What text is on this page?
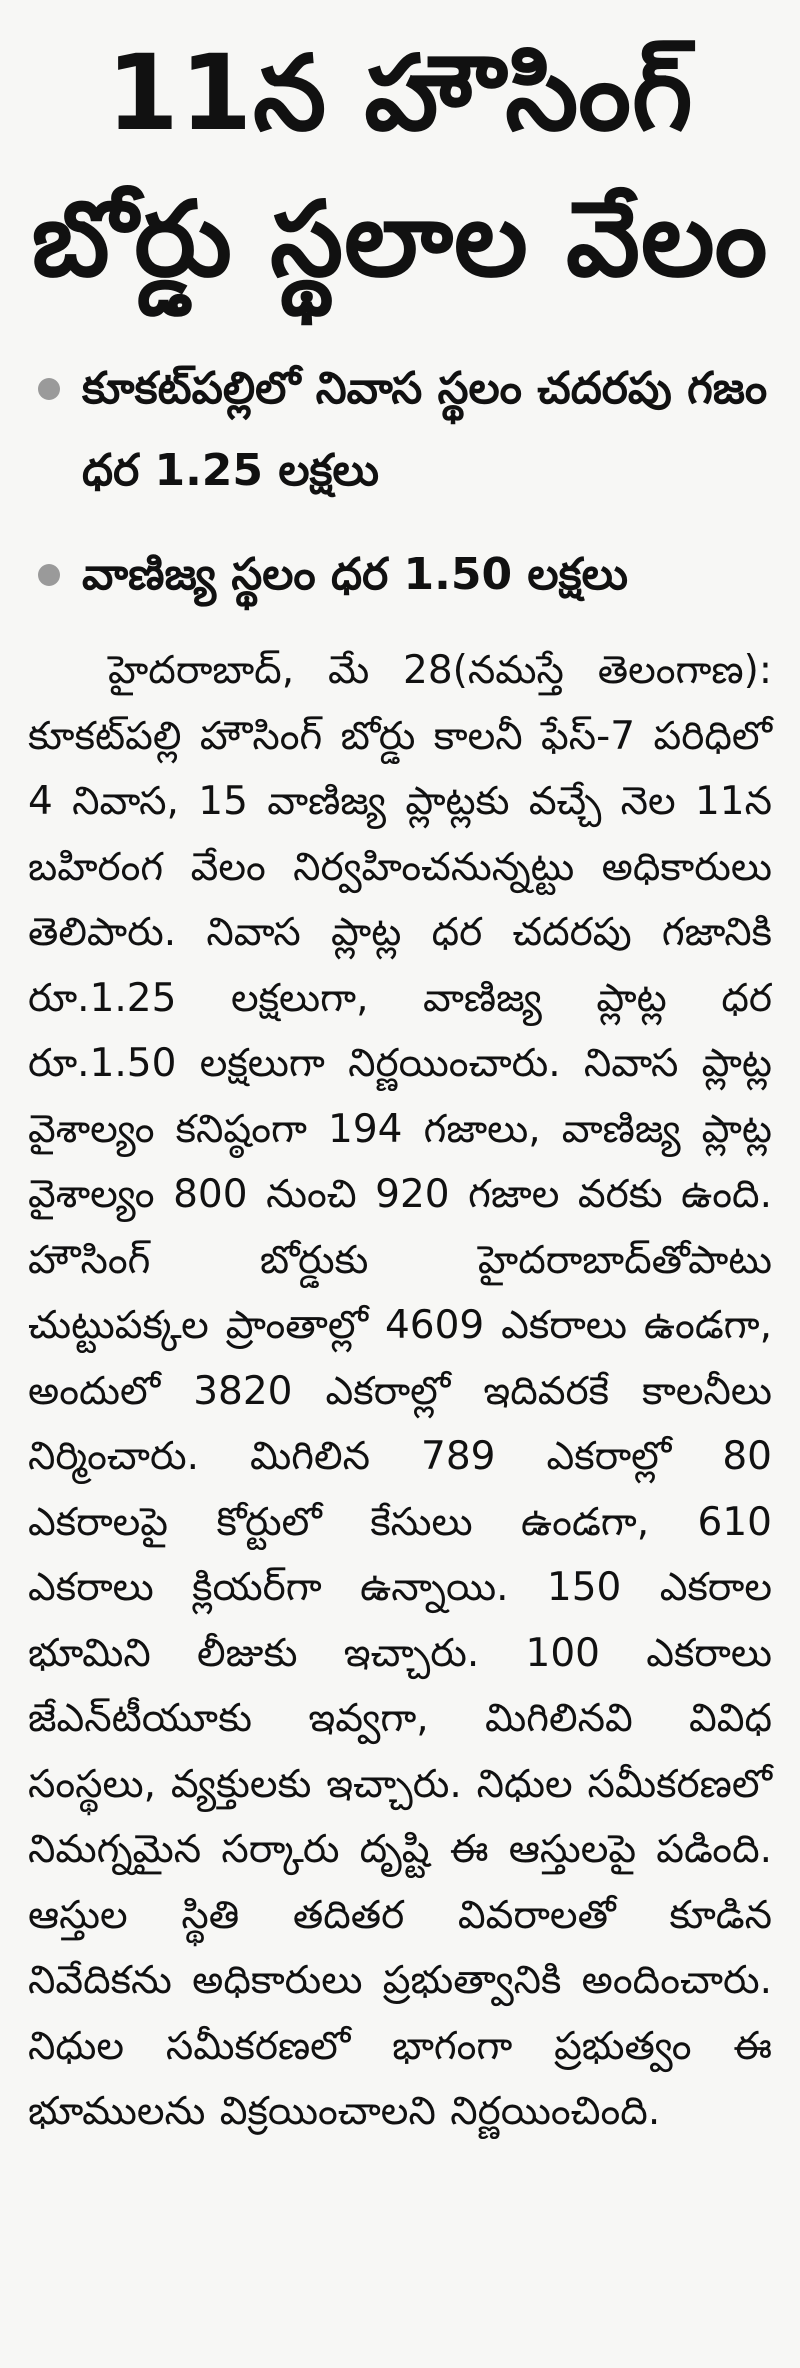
11న హౌసింగ్
బోర్డు స్థలాల వేలం
కూకట్‌పల్లిలో నివాస స్థలం చదరపు గజం ధర 1.25 లక్షలు
వాణిజ్య స్థలం ధర 1.50 లక్షలు

హైదరాబాద్, మే 28(నమస్తే తెలంగాణ): కూకట్‌పల్లి హౌసింగ్ బోర్డు కాలనీ ఫేస్-7 పరిధిలో 4 నివాస, 15 వాణిజ్య ప్లాట్లకు వచ్చే నెల 11న బహిరంగ వేలం నిర్వహించనున్నట్టు అధికారులు తెలిపారు. నివాస ప్లాట్ల ధర చదరపు గజానికి రూ.1.25 లక్షలుగా, వాణిజ్య ప్లాట్ల ధర రూ.1.50 లక్షలుగా నిర్ణయించారు. నివాస ప్లాట్ల వైశాల్యం కనిష్ఠంగా 194 గజాలు, వాణిజ్య ప్లాట్ల వైశాల్యం 800 నుంచి 920 గజాల వరకు ఉంది. హౌసింగ్ బోర్డుకు హైదరాబాద్‌తోపాటు చుట్టుపక్కల ప్రాంతాల్లో 4609 ఎకరాలు ఉండగా, అందులో 3820 ఎకరాల్లో ఇదివరకే కాలనీలు నిర్మించారు. మిగిలిన 789 ఎకరాల్లో 80 ఎకరాలపై కోర్టులో కేసులు ఉండగా, 610 ఎకరాలు క్లియర్‌గా ఉన్నాయి. 150 ఎకరాల భూమిని లీజుకు ఇచ్చారు. 100 ఎకరాలు జేఎన్‌టీయూకు ఇవ్వగా, మిగిలినవి వివిధ సంస్థలు, వ్యక్తులకు ఇచ్చారు. నిధుల సమీకరణలో నిమగ్నమైన సర్కారు దృష్టి ఈ ఆస్తులపై పడింది. ఆస్తుల స్థితి తదితర వివరాలతో కూడిన నివేదికను అధికారులు ప్రభుత్వానికి అందించారు. నిధుల సమీకరణలో భాగంగా ప్రభుత్వం ఈ భూములను విక్రయించాలని నిర్ణయించింది.
